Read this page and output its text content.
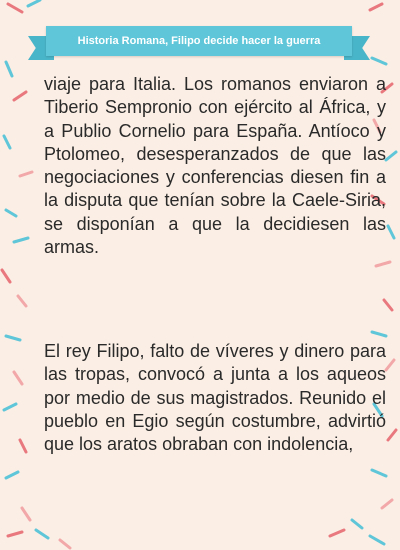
Historia Romana, Filipo decide hacer la guerra
viaje para Italia. Los romanos enviaron a Tiberio Sempronio con ejército al África, y a Publio Cornelio para España. Antíoco y Ptolomeo, desesperanzados de que las negociaciones y conferencias diesen fin a la disputa que tenían sobre la Caele-Siria, se disponían a que la decidiesen las armas.
El rey Filipo, falto de víveres y dinero para las tropas, convocó a junta a los aqueos por medio de sus magistrados. Reunido el pueblo en Egio según costumbre, advirtió que los aratos obraban con indolencia,
